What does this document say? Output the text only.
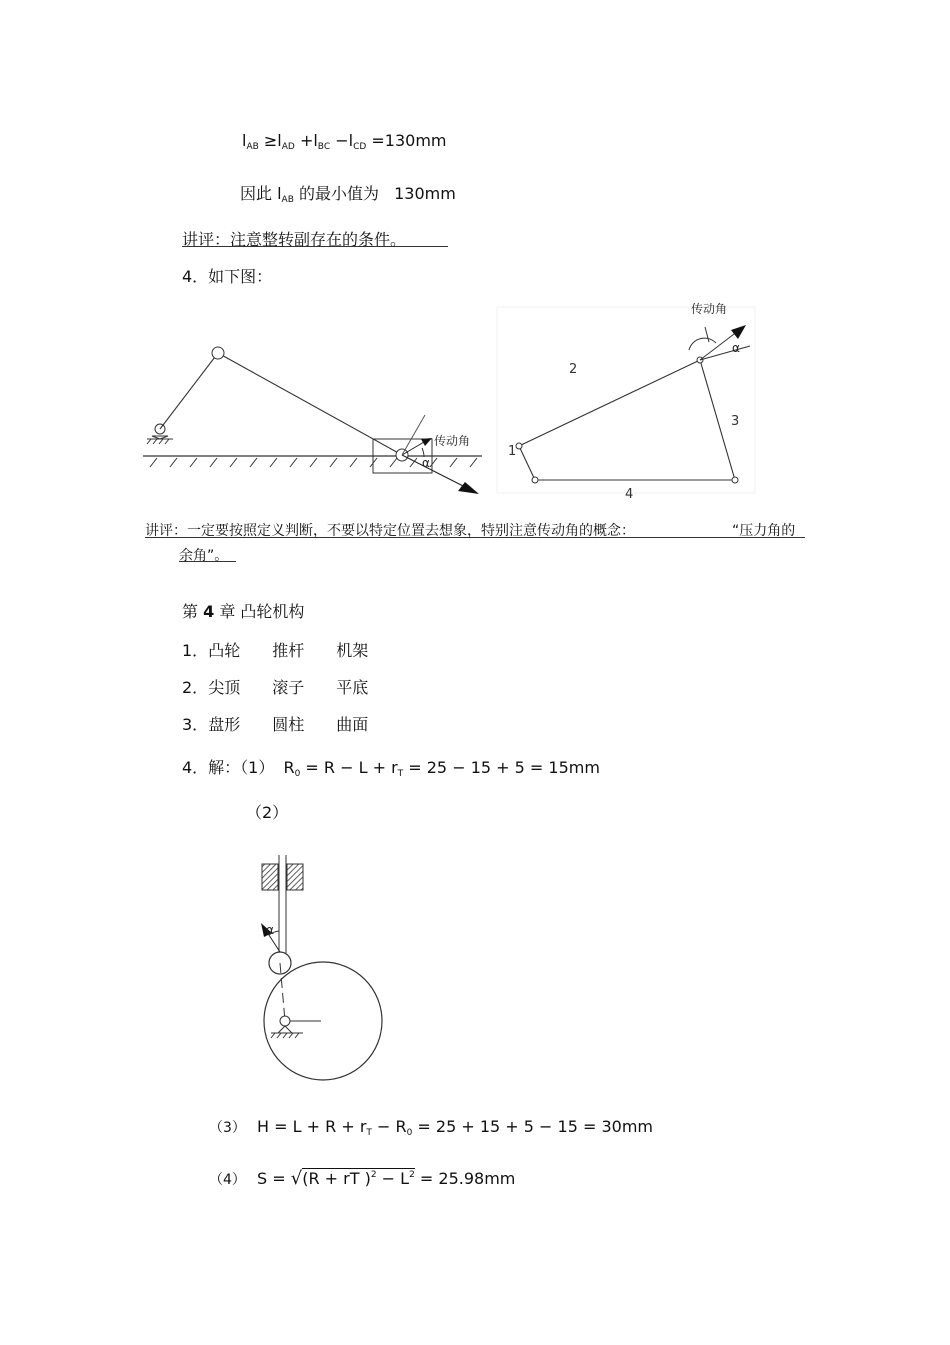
$l_{AB} \ge l_{AD} +l_{BC} -l_{CD} =130mm$
因此 $l_{AB}$ 的最小值为 130mm
讲评：注意整转副存在的条件。
4．如下图：
传动角
α
传动角
α
1
2
3
4
讲评：一定要按照定义判断，不要以特定位置去想象，特别注意传动角的概念：	“压力角的
余角”。
第 4 章 凸轮机构
1．凸轮 推杆 机架
2．尖顶 滚子 平底
3．盘形 圆柱 曲面
4．解：（1） $R_0 = R - L + r_T = 25 - 15 + 5 = 15mm$
（2）
α
（3） $H = L + R + r_T - R_0 = 25 + 15 + 5 - 15 = 30mm$
（4） S = √(R + rT )$^2 - L^2 = 25.98mm$
